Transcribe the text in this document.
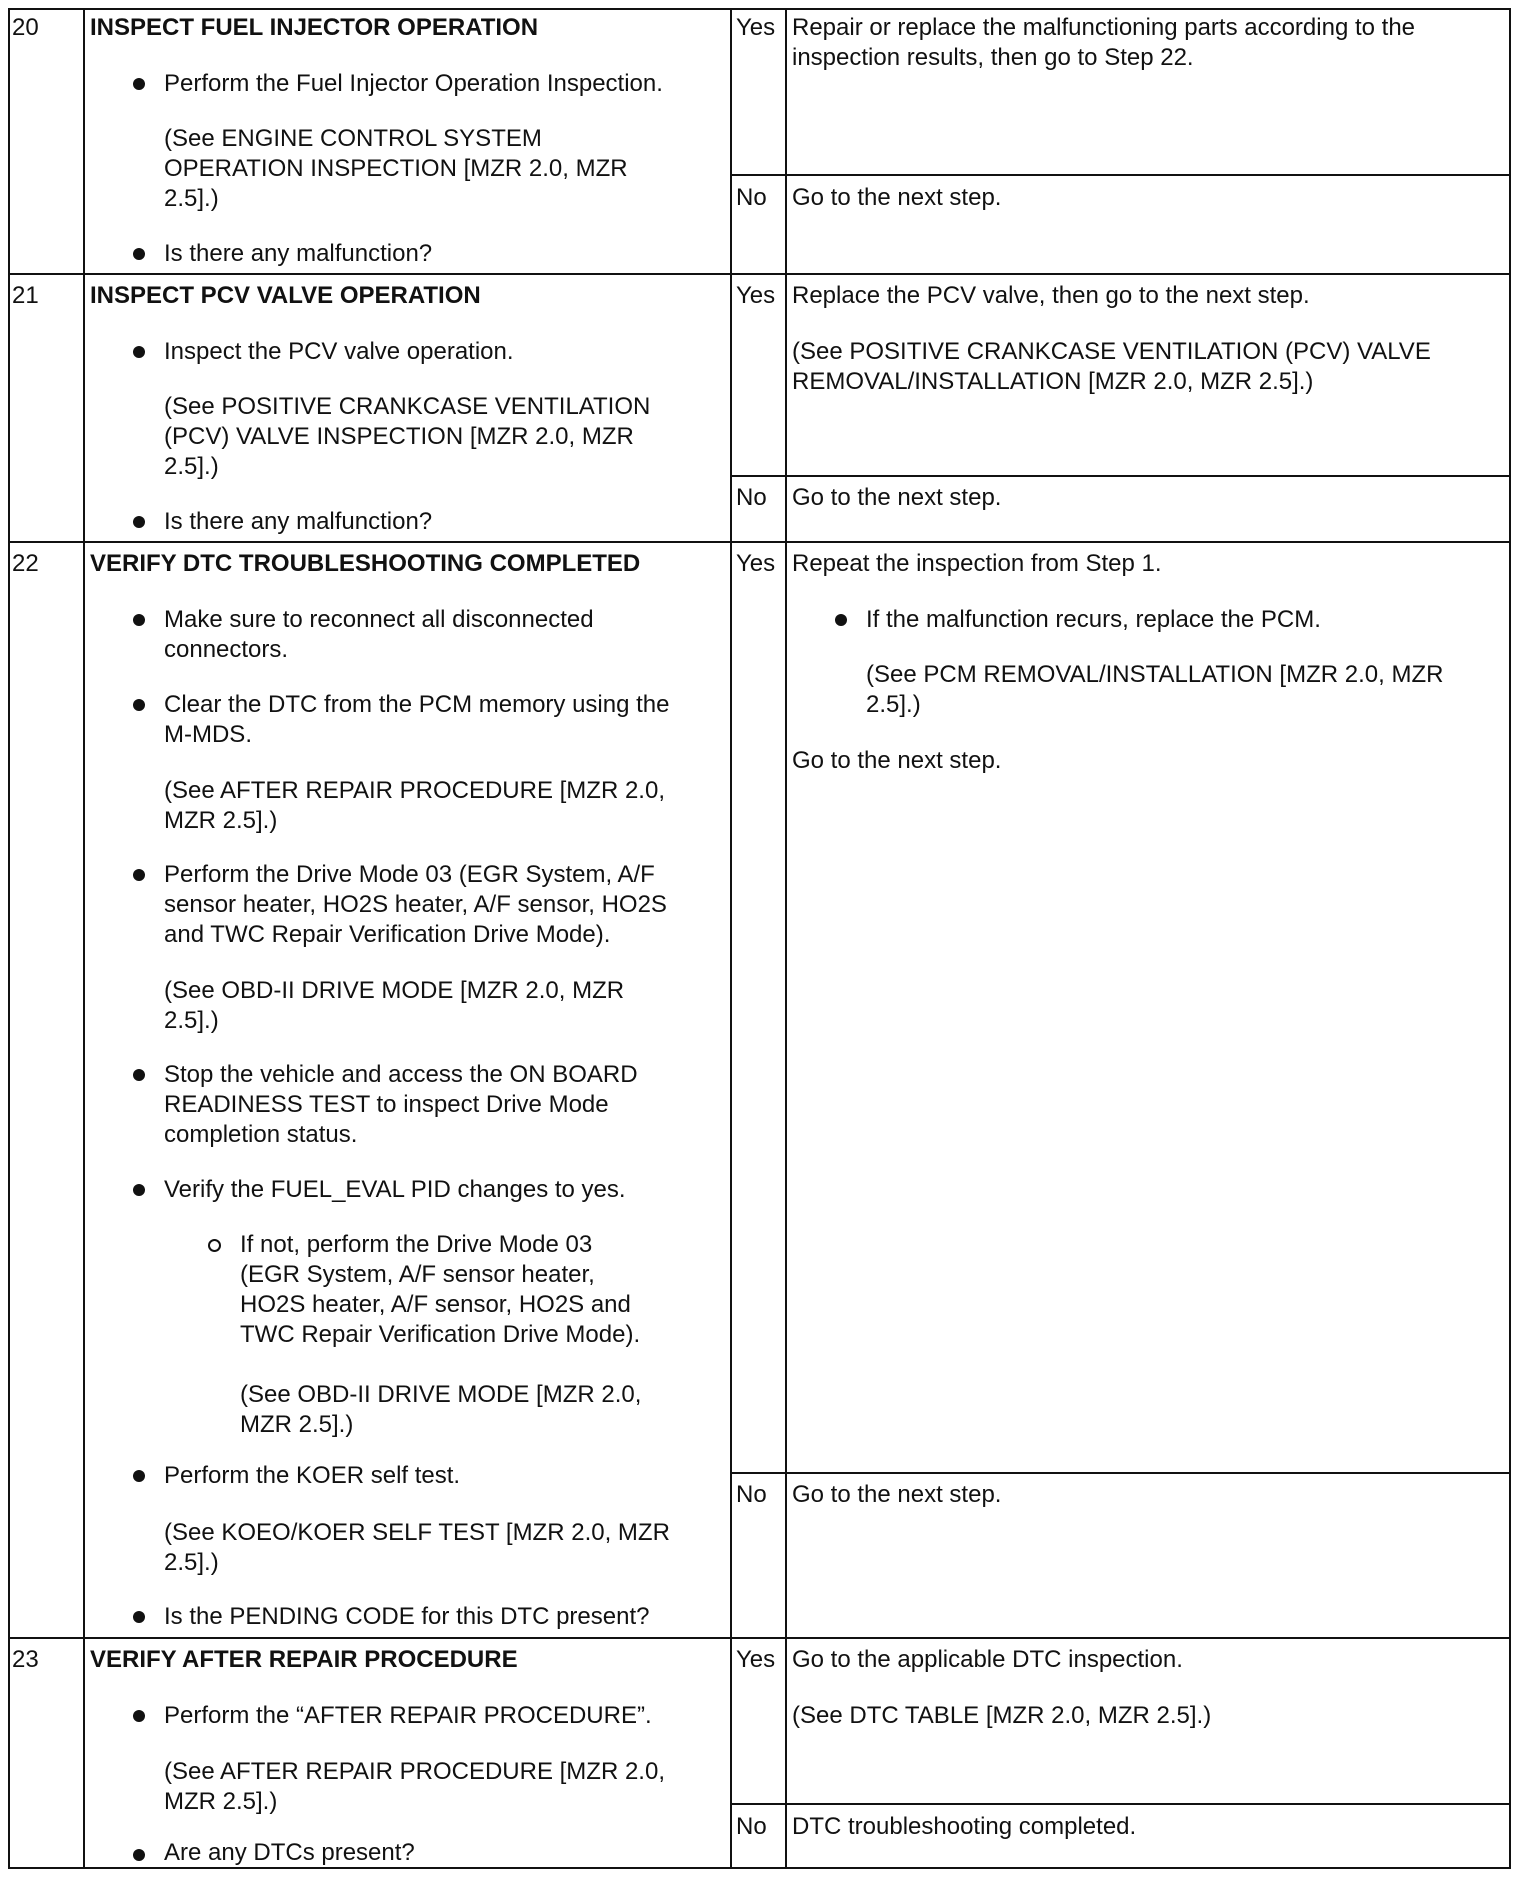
20 INSPECT FUEL INJECTOR OPERATION
Perform the Fuel Injector Operation Inspection.
(See ENGINE CONTROL SYSTEM
OPERATION INSPECTION [MZR 2.0, MZR
2.5].)
Is there any malfunction?
Yes Repair or replace the malfunctioning parts according to the
inspection results, then go to Step 22.
No Go to the next step.
21 INSPECT PCV VALVE OPERATION
Inspect the PCV valve operation.
(See POSITIVE CRANKCASE VENTILATION
(PCV) VALVE INSPECTION [MZR 2.0, MZR
2.5].)
Is there any malfunction?
Yes Replace the PCV valve, then go to the next step.
(See POSITIVE CRANKCASE VENTILATION (PCV) VALVE
REMOVAL/INSTALLATION [MZR 2.0, MZR 2.5].)
No Go to the next step.
22 VERIFY DTC TROUBLESHOOTING COMPLETED
Make sure to reconnect all disconnected
connectors.
Clear the DTC from the PCM memory using the
M-MDS.
(See AFTER REPAIR PROCEDURE [MZR 2.0,
MZR 2.5].)
Perform the Drive Mode 03 (EGR System, A/F
sensor heater, HO2S heater, A/F sensor, HO2S
and TWC Repair Verification Drive Mode).
(See OBD-II DRIVE MODE [MZR 2.0, MZR
2.5].)
Stop the vehicle and access the ON BOARD
READINESS TEST to inspect Drive Mode
completion status.
Verify the FUEL_EVAL PID changes to yes.
If not, perform the Drive Mode 03
(EGR System, A/F sensor heater,
HO2S heater, A/F sensor, HO2S and
TWC Repair Verification Drive Mode).
(See OBD-II DRIVE MODE [MZR 2.0,
MZR 2.5].)
Perform the KOER self test.
(See KOEO/KOER SELF TEST [MZR 2.0, MZR
2.5].)
Is the PENDING CODE for this DTC present?
Yes Repeat the inspection from Step 1.
If the malfunction recurs, replace the PCM.
(See PCM REMOVAL/INSTALLATION [MZR 2.0, MZR
2.5].)
Go to the next step.
No Go to the next step.
23 VERIFY AFTER REPAIR PROCEDURE
Perform the “AFTER REPAIR PROCEDURE”.
(See AFTER REPAIR PROCEDURE [MZR 2.0,
MZR 2.5].)
Are any DTCs present?
Yes Go to the applicable DTC inspection.
(See DTC TABLE [MZR 2.0, MZR 2.5].)
No DTC troubleshooting completed.
